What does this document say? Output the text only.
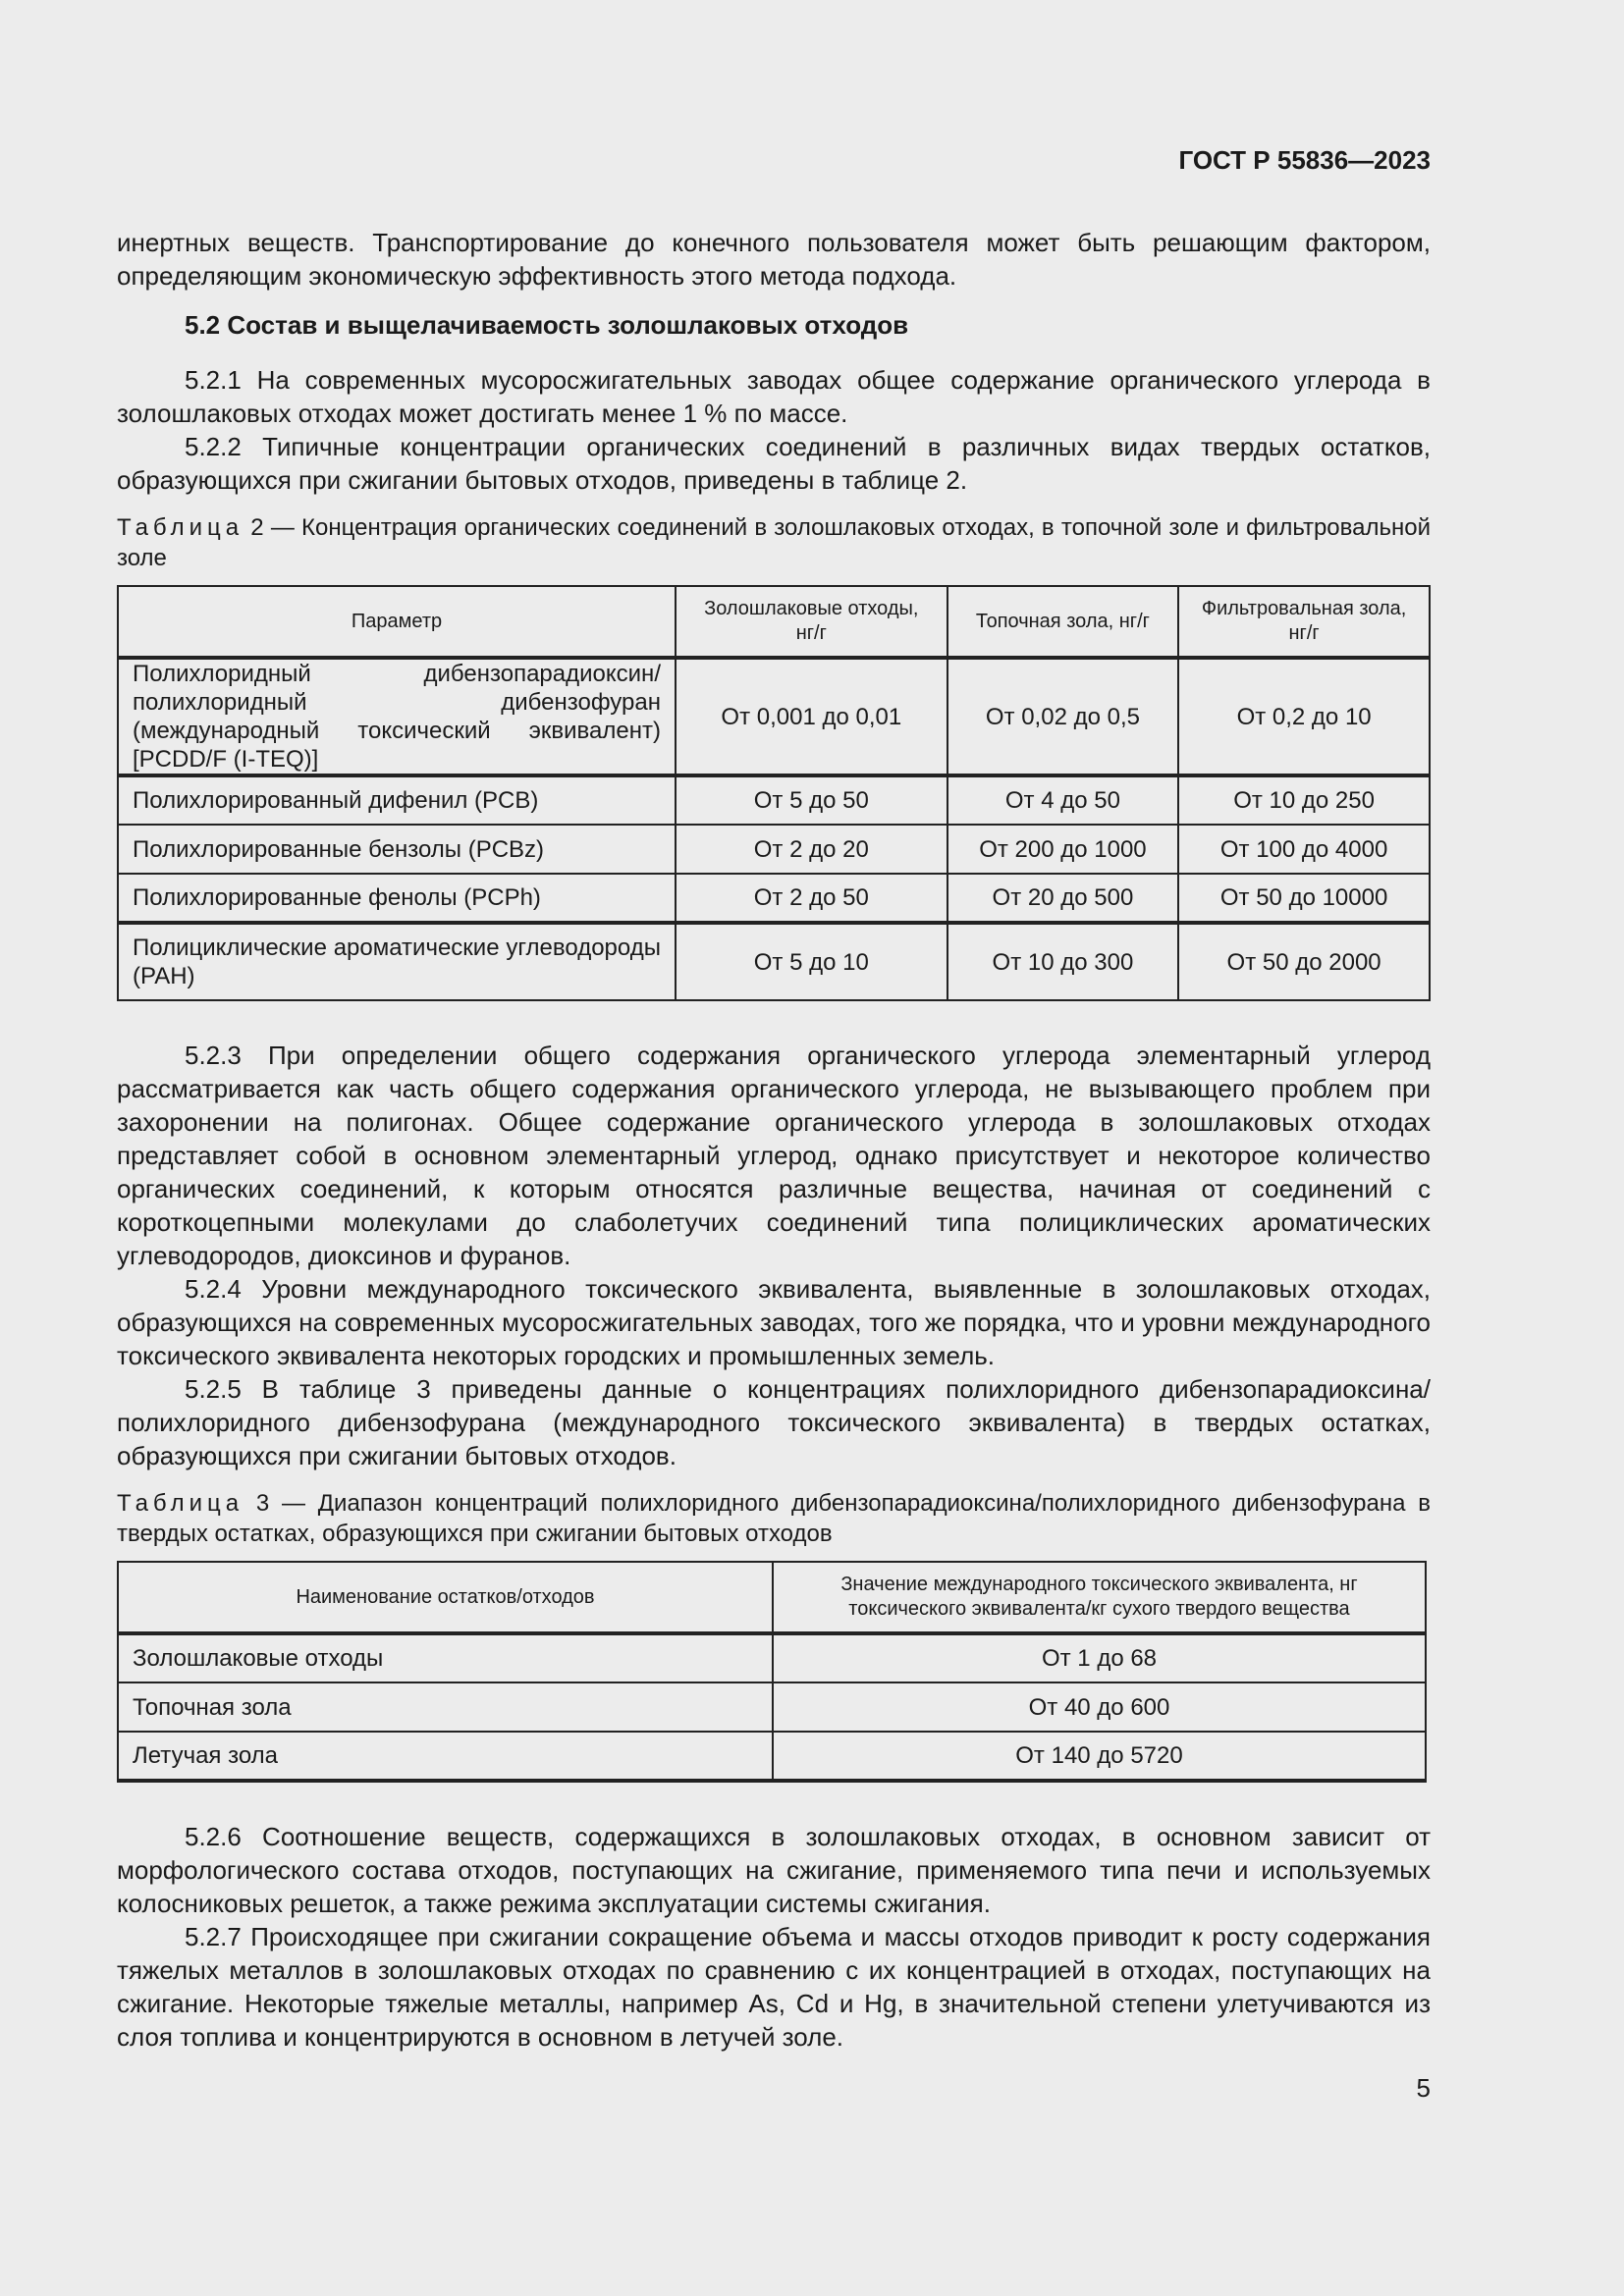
ГОСТ Р 55836—2023

инертных веществ. Транспортирование до конечного пользователя может быть решающим фактором, определяющим экономическую эффективность этого метода подхода.

5.2 Состав и выщелачиваемость золошлаковых отходов

5.2.1 На современных мусоросжигательных заводах общее содержание органического углерода в золошлаковых отходах может достигать менее 1 % по массе.

5.2.2 Типичные концентрации органических соединений в различных видах твердых остатков, образующихся при сжигании бытовых отходов, приведены в таблице 2.

Таблица 2 — Концентрация органических соединений в золошлаковых отходах, в топочной золе и фильтровальной золе
Параметр	Золошлаковые отходы, нг/г	Топочная зола, нг/г	Фильтровальная зола, нг/г
Полихлоридный дибензопарадиоксин/полихлоридный дибензофуран (международный токсический эквивалент) [PCDD/F (I-TEQ)]	От 0,001 до 0,01	От 0,02 до 0,5	От 0,2 до 10
Полихлорированный дифенил (PCB)	От 5 до 50	От 4 до 50	От 10 до 250
Полихлорированные бензолы (PCBz)	От 2 до 20	От 200 до 1000	От 100 до 4000
Полихлорированные фенолы (PCPh)	От 2 до 50	От 20 до 500	От 50 до 10000
Полициклические ароматические углеводороды (PAH)	От 5 до 10	От 10 до 300	От 50 до 2000

5.2.3 При определении общего содержания органического углерода элементарный углерод рассматривается как часть общего содержания органического углерода, не вызывающего проблем при захоронении на полигонах. Общее содержание органического углерода в золошлаковых отходах представляет собой в основном элементарный углерод, однако присутствует и некоторое количество органических соединений, к которым относятся различные вещества, начиная от соединений с короткоцепными молекулами до слаболетучих соединений типа полициклических ароматических углеводородов, диоксинов и фуранов.

5.2.4 Уровни международного токсического эквивалента, выявленные в золошлаковых отходах, образующихся на современных мусоросжигательных заводах, того же порядка, что и уровни международного токсического эквивалента некоторых городских и промышленных земель.

5.2.5 В таблице 3 приведены данные о концентрациях полихлоридного дибензопарадиоксина/полихлоридного дибензофурана (международного токсического эквивалента) в твердых остатках, образующихся при сжигании бытовых отходов.

Таблица 3 — Диапазон концентраций полихлоридного дибензопарадиоксина/полихлоридного дибензофурана в твердых остатках, образующихся при сжигании бытовых отходов
Наименование остатков/отходов	Значение международного токсического эквивалента, нг токсического эквивалента/кг сухого твердого вещества
Золошлаковые отходы	От 1 до 68
Топочная зола	От 40 до 600
Летучая зола	От 140 до 5720

5.2.6 Соотношение веществ, содержащихся в золошлаковых отходах, в основном зависит от морфологического состава отходов, поступающих на сжигание, применяемого типа печи и используемых колосниковых решеток, а также режима эксплуатации системы сжигания.

5.2.7 Происходящее при сжигании сокращение объема и массы отходов приводит к росту содержания тяжелых металлов в золошлаковых отходах по сравнению с их концентрацией в отходах, поступающих на сжигание. Некоторые тяжелые металлы, например As, Cd и Hg, в значительной степени улетучиваются из слоя топлива и концентрируются в основном в летучей золе.

5
